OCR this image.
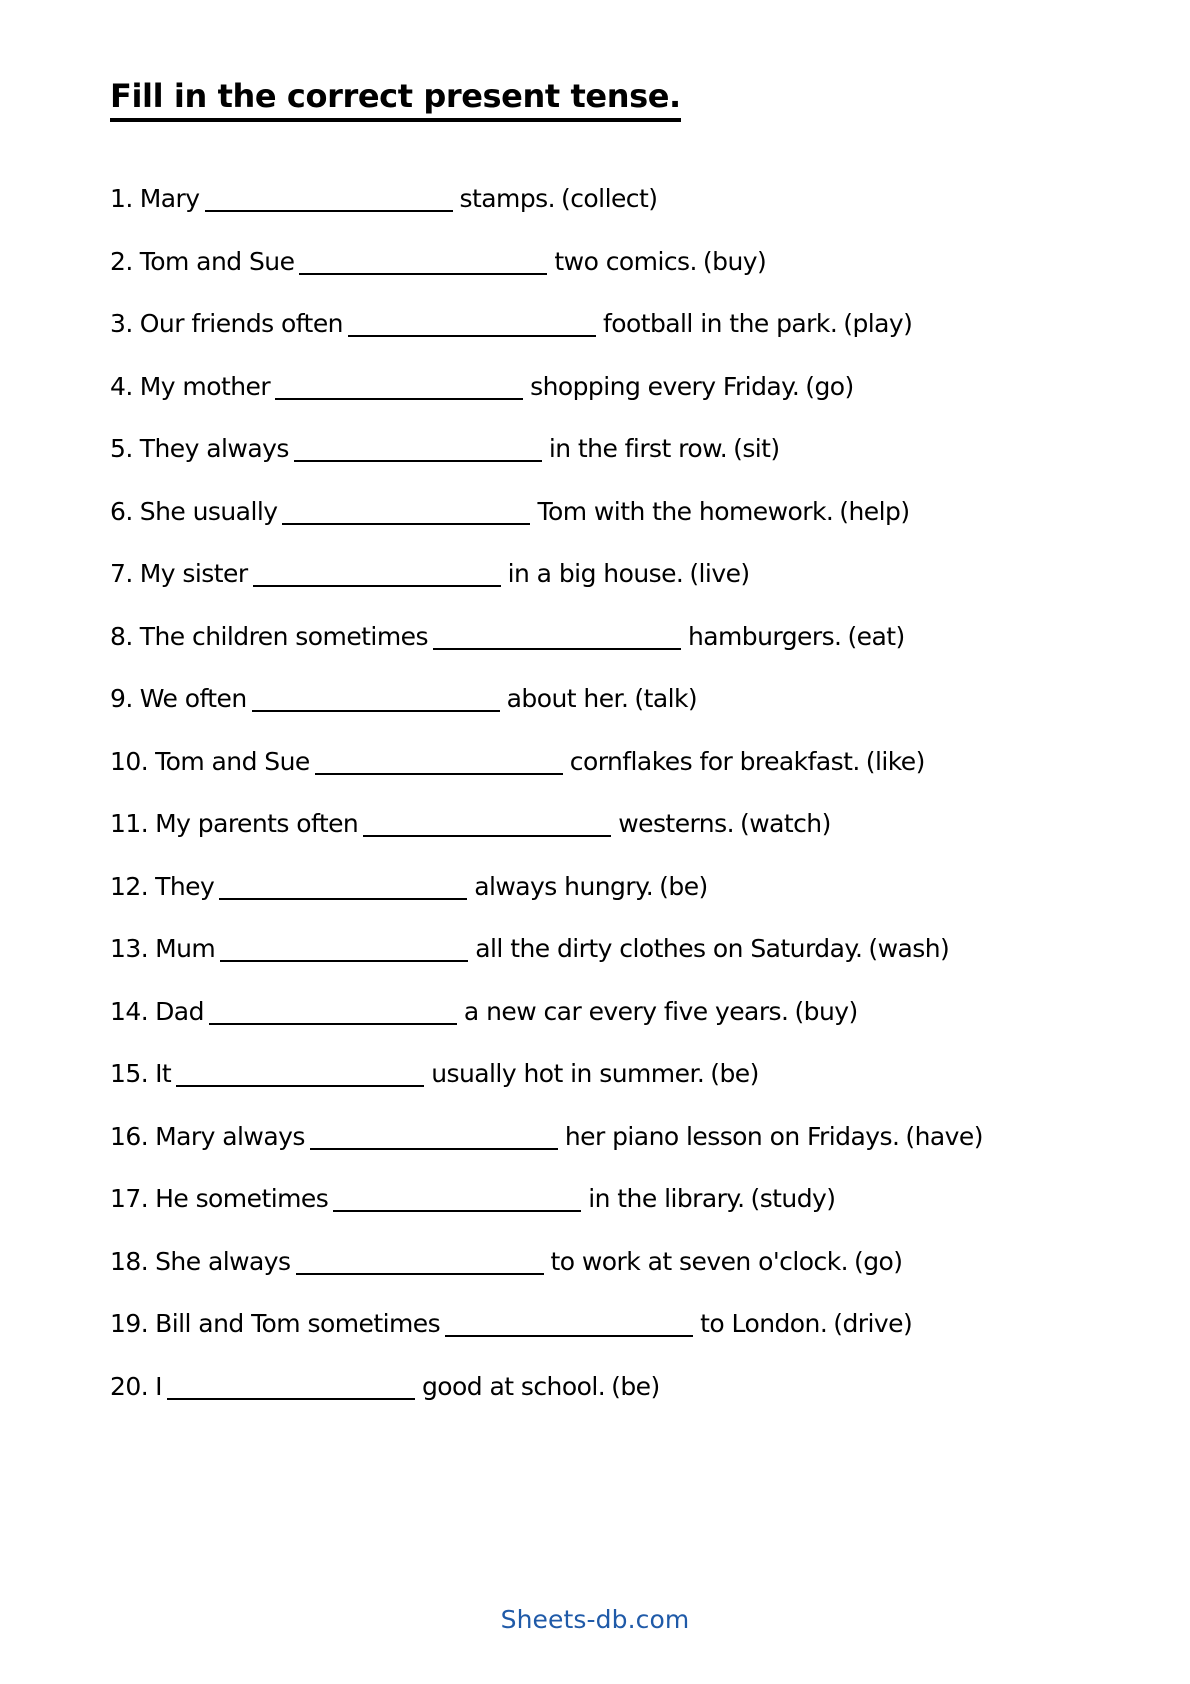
Fill in the correct present tense.
1. Mary	stamps. (collect)
2. Tom and Sue	two comics. (buy)
3. Our friends often	football in the park. (play)
4. My mother	shopping every Friday. (go)
5. They always	in the first row. (sit)
6. She usually	Tom with the homework. (help)
7. My sister	in a big house. (live)
8. The children sometimes	hamburgers. (eat)
9. We often	about her. (talk)
10. Tom and Sue	cornflakes for breakfast. (like)
11. My parents often	westerns. (watch)
12. They	always hungry. (be)
13. Mum	all the dirty clothes on Saturday. (wash)
14. Dad	a new car every five years. (buy)
15. It	usually hot in summer. (be)
16. Mary always	her piano lesson on Fridays. (have)
17. He sometimes	in the library. (study)
18. She always	to work at seven o'clock. (go)
19. Bill and Tom sometimes	to London. (drive)
20. I	good at school. (be)
Sheets-db.com
